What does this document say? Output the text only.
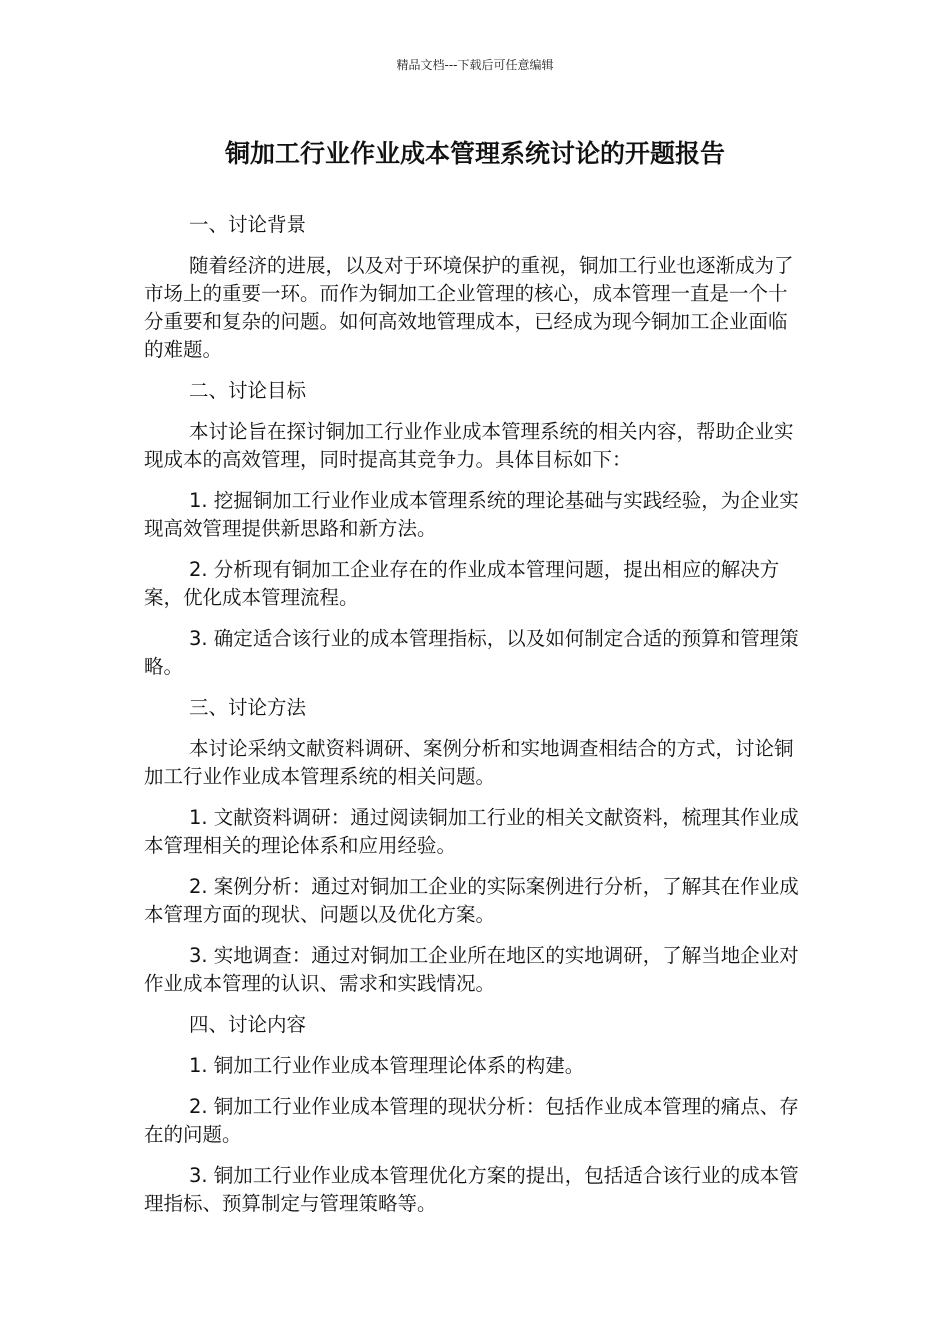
精品文档---下载后可任意编辑
铜加工行业作业成本管理系统讨论的开题报告

一、讨论背景

随着经济的进展，以及对于环境保护的重视，铜加工行业也逐渐成为了市场上的重要一环。而作为铜加工企业管理的核心，成本管理一直是一个十分重要和复杂的问题。如何高效地管理成本，已经成为现今铜加工企业面临的难题。

二、讨论目标

本讨论旨在探讨铜加工行业作业成本管理系统的相关内容，帮助企业实现成本的高效管理，同时提高其竞争力。具体目标如下：

1. 挖掘铜加工行业作业成本管理系统的理论基础与实践经验，为企业实现高效管理提供新思路和新方法。

2. 分析现有铜加工企业存在的作业成本管理问题，提出相应的解决方案，优化成本管理流程。

3. 确定适合该行业的成本管理指标，以及如何制定合适的预算和管理策略。

三、讨论方法

本讨论采纳文献资料调研、案例分析和实地调查相结合的方式，讨论铜加工行业作业成本管理系统的相关问题。

1. 文献资料调研：通过阅读铜加工行业的相关文献资料，梳理其作业成本管理相关的理论体系和应用经验。

2. 案例分析：通过对铜加工企业的实际案例进行分析，了解其在作业成本管理方面的现状、问题以及优化方案。

3. 实地调查：通过对铜加工企业所在地区的实地调研，了解当地企业对作业成本管理的认识、需求和实践情况。

四、讨论内容

1. 铜加工行业作业成本管理理论体系的构建。

2. 铜加工行业作业成本管理的现状分析：包括作业成本管理的痛点、存在的问题。

3. 铜加工行业作业成本管理优化方案的提出，包括适合该行业的成本管理指标、预算制定与管理策略等。
